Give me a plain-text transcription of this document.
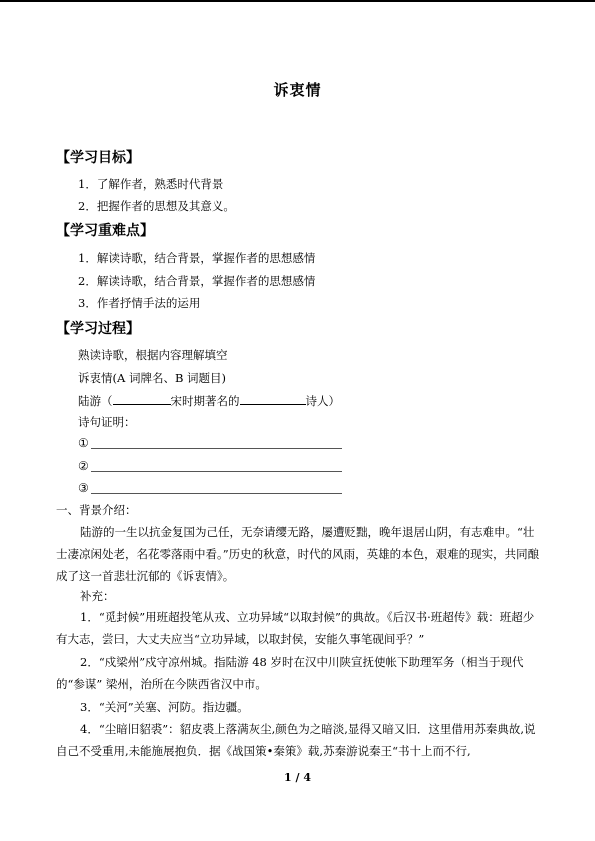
诉衷情
【学习目标】
1．了解作者，熟悉时代背景
2．把握作者的思想及其意义。
【学习重难点】
1．解读诗歌，结合背景，掌握作者的思想感情
2．解读诗歌，结合背景，掌握作者的思想感情
3．作者抒情手法的运用
【学习过程】
熟读诗歌，根据内容理解填空
诉衷情(A 词牌名、B 词题目)
陆游（	宋时期著名的	诗人）
诗句证明：
①
②
③
一、背景介绍：
陆游的一生以抗金复国为己任，无奈请缨无路，屡遭贬黜，晚年退居山阴，有志难申。“壮士凄凉闲处老，名花零落雨中看。”历史的秋意，时代的风雨，英雄的本色，艰难的现实，共同酿成了这一首悲壮沉郁的《诉衷情》。
补充：
1．“觅封候”用班超投笔从戎、立功异域“以取封候”的典故。《后汉书·班超传》载：班超少有大志，尝曰，大丈夫应当“立功异域，以取封侯，安能久事笔砚间乎？”
2．“戍梁州”戍守凉州城。指陆游 48 岁时在汉中川陕宣抚使帐下助理军务（相当于现代的“参谋” 梁州，治所在今陕西省汉中市。
3．“关河”关塞、河防。指边疆。
4．“尘暗旧貂裘”：貂皮裘上落满灰尘,颜色为之暗淡,显得又暗又旧．这里借用苏秦典故,说自己不受重用,未能施展抱负．据《战国策•秦策》载,苏秦游说秦王“书十上而不行,
1 / 4
